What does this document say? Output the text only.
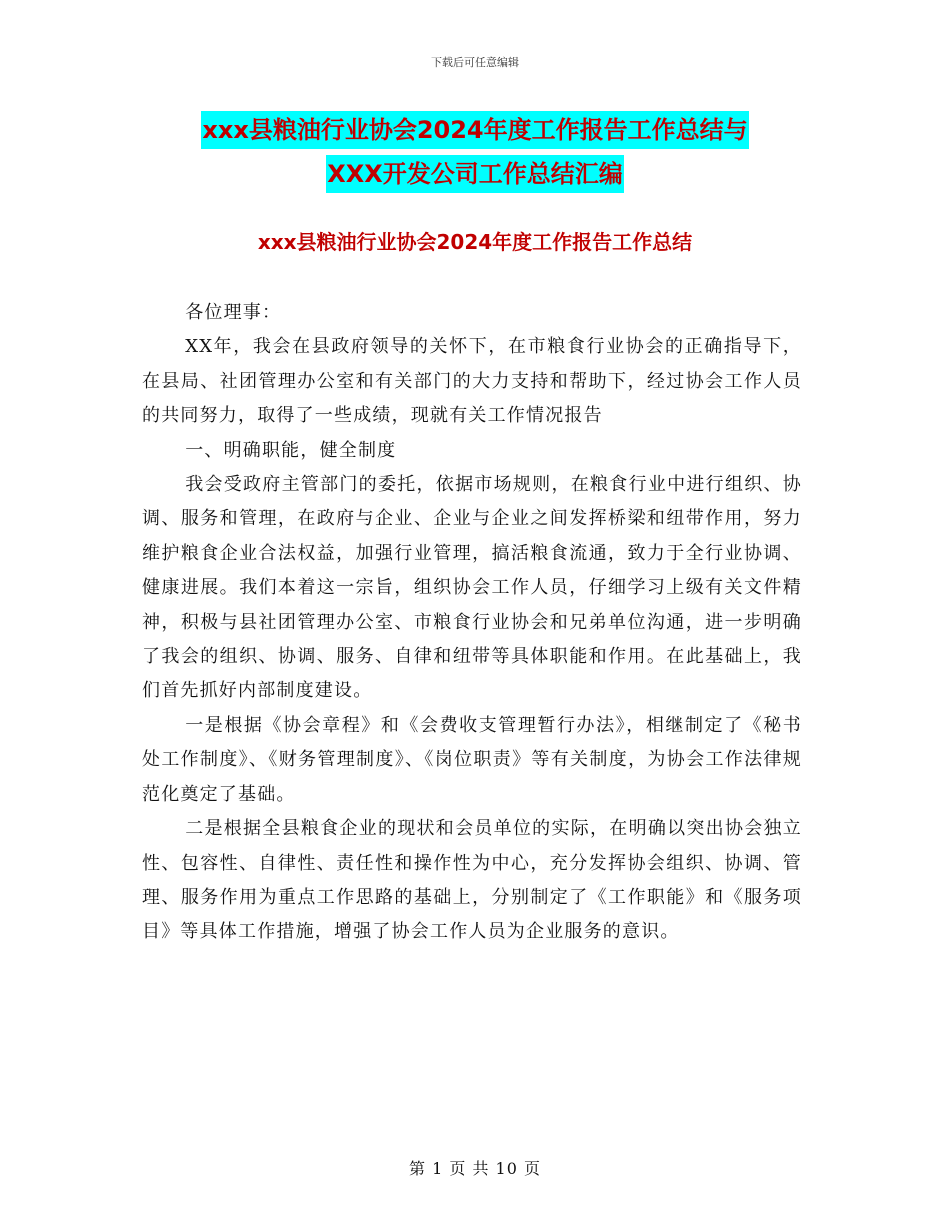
下载后可任意编辑
xxx县粮油行业协会2024年度工作报告工作总结与
XXX开发公司工作总结汇编
xxx县粮油行业协会2024年度工作报告工作总结

各位理事：

XX年，我会在县政府领导的关怀下，在市粮食行业协会的正确指导下，在县局、社团管理办公室和有关部门的大力支持和帮助下，经过协会工作人员的共同努力，取得了一些成绩，现就有关工作情况报告

一、明确职能，健全制度

我会受政府主管部门的委托，依据市场规则，在粮食行业中进行组织、协调、服务和管理，在政府与企业、企业与企业之间发挥桥梁和纽带作用，努力维护粮食企业合法权益，加强行业管理，搞活粮食流通，致力于全行业协调、健康进展。我们本着这一宗旨，组织协会工作人员，仔细学习上级有关文件精神，积极与县社团管理办公室、市粮食行业协会和兄弟单位沟通，进一步明确了我会的组织、协调、服务、自律和纽带等具体职能和作用。在此基础上，我们首先抓好内部制度建设。

一是根据《协会章程》和《会费收支管理暂行办法》，相继制定了《秘书处工作制度》、《财务管理制度》、《岗位职责》等有关制度，为协会工作法律规范化奠定了基础。

二是根据全县粮食企业的现状和会员单位的实际，在明确以突出协会独立性、包容性、自律性、责任性和操作性为中心，充分发挥协会组织、协调、管理、服务作用为重点工作思路的基础上，分别制定了《工作职能》和《服务项目》等具体工作措施，增强了协会工作人员为企业服务的意识。

第 1 页 共 10 页
